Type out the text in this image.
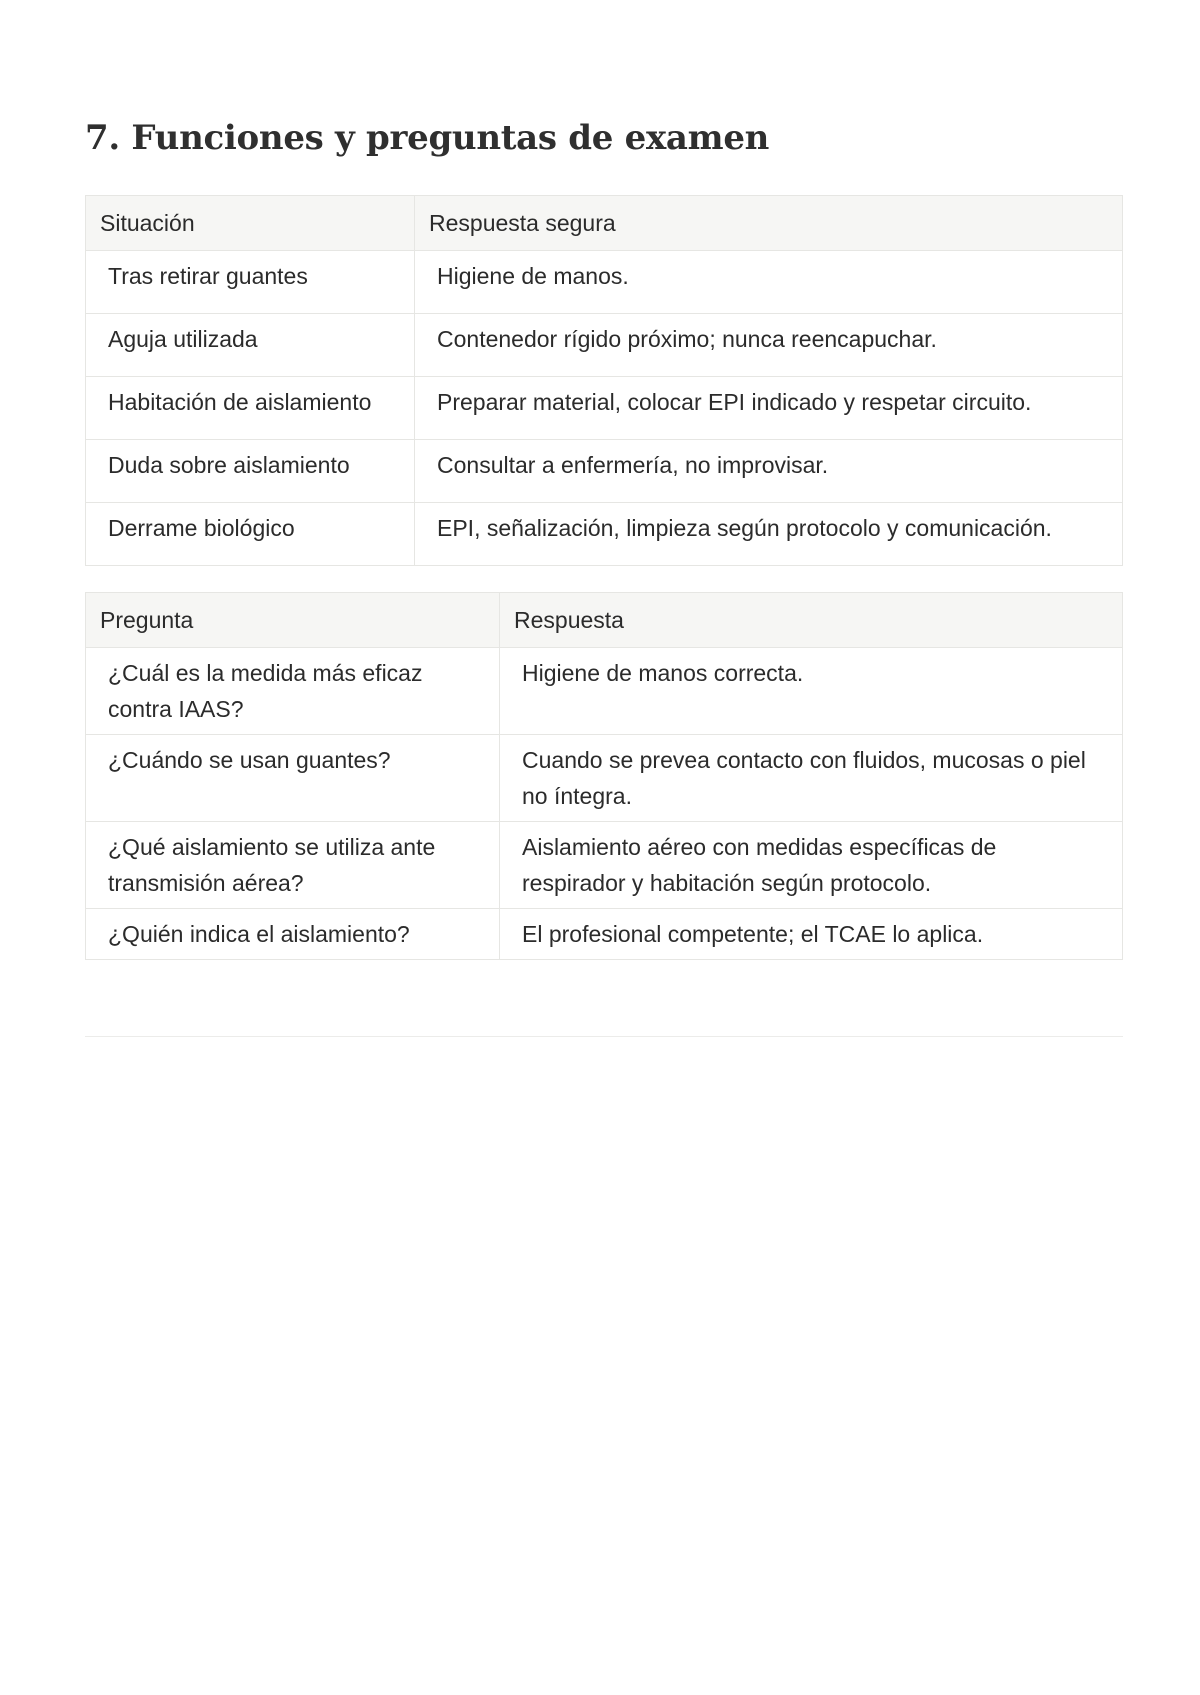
7. Funciones y preguntas de examen
Situación	Respuesta segura
Tras retirar guantes	Higiene de manos.
Aguja utilizada	Contenedor rígido próximo; nunca reencapuchar.
Habitación de aislamiento	Preparar material, colocar EPI indicado y respetar circuito.
Duda sobre aislamiento	Consultar a enfermería, no improvisar.
Derrame biológico	EPI, señalización, limpieza según protocolo y comunicación.
Pregunta	Respuesta
¿Cuál es la medida más eficaz contra IAAS?	Higiene de manos correcta.
¿Cuándo se usan guantes?	Cuando se prevea contacto con fluidos, mucosas o piel no íntegra.
¿Qué aislamiento se utiliza ante transmisión aérea?	Aislamiento aéreo con medidas específicas de respirador y habitación según protocolo.
¿Quién indica el aislamiento?	El profesional competente; el TCAE lo aplica.
